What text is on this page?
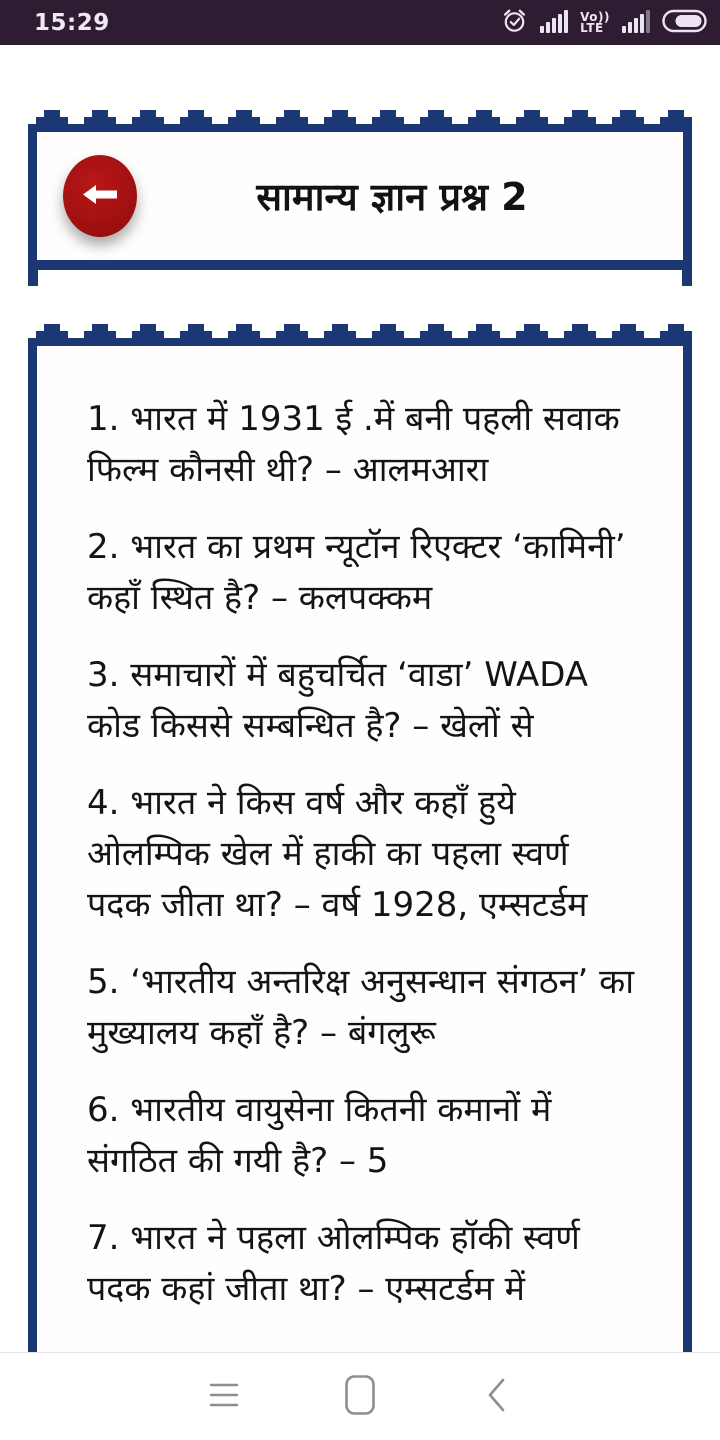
15:29	Vo))
LTE
सामान्य ज्ञान प्रश्न 2

1. भारत में 1931 ई .में बनी पहली सवाक फिल्म कौनसी थी? – आलमआरा

2. भारत का प्रथम न्यूटॉन रिएक्टर ‘कामिनी’ कहाँ स्थित है? – कलपक्कम

3. समाचारों में बहुचर्चित ‘वाडा’ WADA कोड किससे सम्बन्धित है? – खेलों से

4. भारत ने किस वर्ष और कहाँ हुये ओलम्पिक खेल में हाकी का पहला स्वर्ण पदक जीता था? – वर्ष 1928, एम्सटर्डम

5. ‘भारतीय अन्तरिक्ष अनुसन्धान संगठन’ का मुख्यालय कहाँ है? – बंगलुरू

6. भारतीय वायुसेना कितनी कमानों में संगठित की गयी है? – 5

7. भारत ने पहला ओलम्पिक हॉकी स्वर्ण पदक कहां जीता था? – एम्सटर्डम में
